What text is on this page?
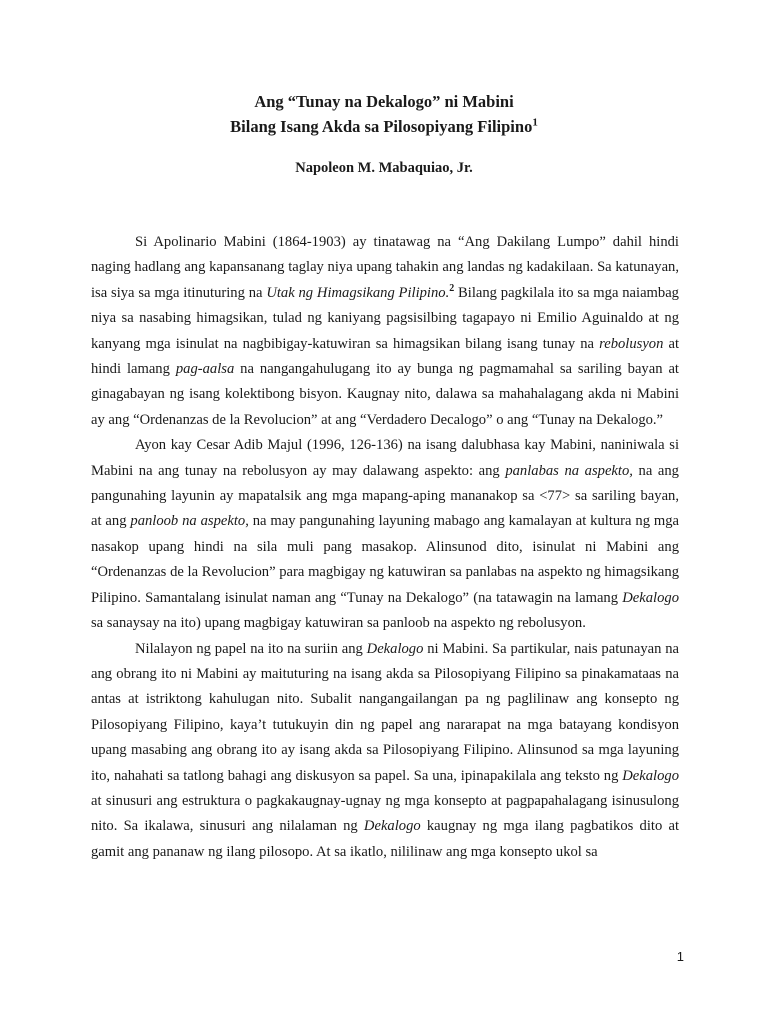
Ang “Tunay na Dekalogo” ni Mabini
Bilang Isang Akda sa Pilosopiyang Filipino$^1$
Napoleon M. Mabaquiao, Jr.

Si Apolinario Mabini (1864-1903) ay tinatawag na “Ang Dakilang Lumpo” dahil hindi naging hadlang ang kapansanang taglay niya upang tahakin ang landas ng kadakilaan. Sa katunayan, isa siya sa mga itinuturing na Utak ng Himagsikang Pilipino.$^2$ Bilang pagkilala ito sa mga naiambag niya sa nasabing himagsikan, tulad ng kaniyang pagsisilbing tagapayo ni Emilio Aguinaldo at ng kanyang mga isinulat na nagbibigay-katuwiran sa himagsikan bilang isang tunay na rebolusyon at hindi lamang pag-aalsa na nangangahulugang ito ay bunga ng pagmamahal sa sariling bayan at ginagabayan ng isang kolektibong bisyon. Kaugnay nito, dalawa sa mahahalagang akda ni Mabini ay ang “Ordenanzas de la Revolucion” at ang “Verdadero Decalogo” o ang “Tunay na Dekalogo.”

Ayon kay Cesar Adib Majul (1996, 126-136) na isang dalubhasa kay Mabini, naniniwala si Mabini na ang tunay na rebolusyon ay may dalawang aspekto: ang panlabas na aspekto, na ang pangunahing layunin ay mapatalsik ang mga mapang-aping mananakop sa <77> sa sariling bayan, at ang panloob na aspekto, na may pangunahing layuning mabago ang kamalayan at kultura ng mga nasakop upang hindi na sila muli pang masakop. Alinsunod dito, isinulat ni Mabini ang “Ordenanzas de la Revolucion” para magbigay ng katuwiran sa panlabas na aspekto ng himagsikang Pilipino. Samantalang isinulat naman ang “Tunay na Dekalogo” (na tatawagin na lamang Dekalogo sa sanaysay na ito) upang magbigay katuwiran sa panloob na aspekto ng rebolusyon.

Nilalayon ng papel na ito na suriin ang Dekalogo ni Mabini. Sa partikular, nais patunayan na ang obrang ito ni Mabini ay maituturing na isang akda sa Pilosopiyang Filipino sa pinakamataas na antas at istriktong kahulugan nito. Subalit nangangailangan pa ng paglilinaw ang konsepto ng Pilosopiyang Filipino, kaya’t tutukuyin din ng papel ang nararapat na mga batayang kondisyon upang masabing ang obrang ito ay isang akda sa Pilosopiyang Filipino. Alinsunod sa mga layuning ito, nahahati sa tatlong bahagi ang diskusyon sa papel. Sa una, ipinapakilala ang teksto ng Dekalogo at sinusuri ang estruktura o pagkakaugnay-ugnay ng mga konsepto at pagpapahalagang isinusulong nito. Sa ikalawa, sinusuri ang nilalaman ng Dekalogo kaugnay ng mga ilang pagbatikos dito at gamit ang pananaw ng ilang pilosopo. At sa ikatlo, nililinaw ang mga konsepto ukol sa

1
